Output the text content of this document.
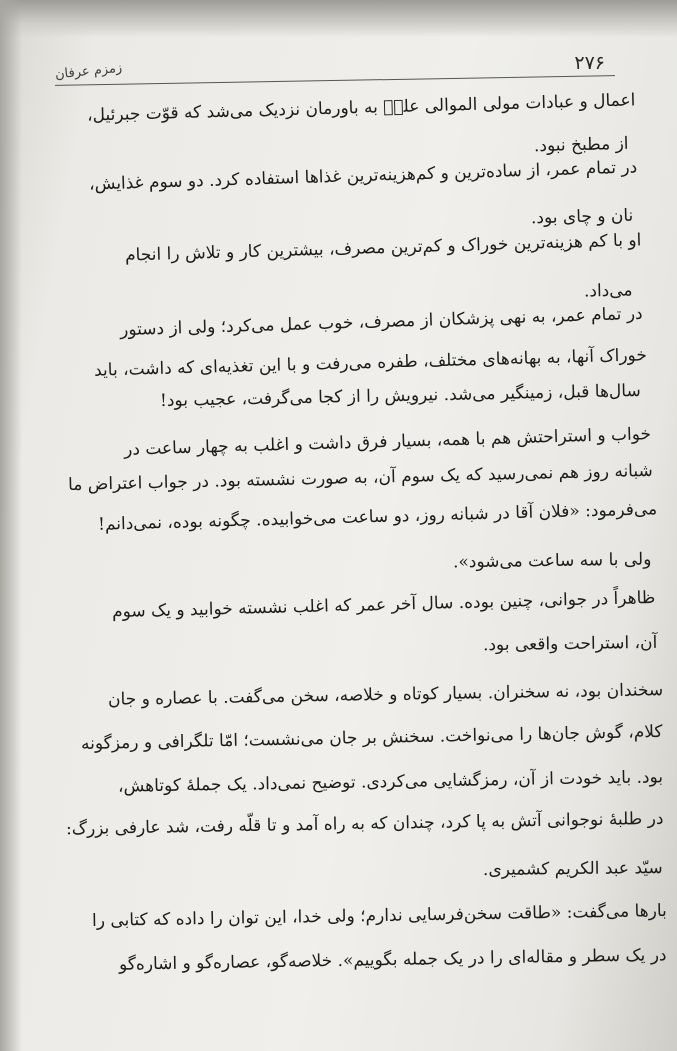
۲۷۶
زمزم عرفان
اعمال و عبادات مولی الموالی علیؑ به باورمان نزدیک می‌شد که قوّت جبرئیل،
از مطبخ نبود.
در تمام عمر، از ساده‌ترین و کم‌هزینه‌ترین غذاها استفاده کرد. دو سوم غذایش،
نان و چای بود.
او با کم هزینه‌ترین خوراک و کم‌ترین مصرف، بیشترین کار و تلاش را انجام
می‌داد.
در تمام عمر، به نهی پزشکان از مصرف، خوب عمل می‌کرد؛ ولی از دستور
خوراک آنها، به بهانه‌های مختلف، طفره می‌رفت و با این تغذیه‌ای که داشت، باید
سال‌ها قبل، زمینگیر می‌شد. نیرویش را از کجا می‌گرفت، عجیب بود!
خواب و استراحتش هم با همه، بسیار فرق داشت و اغلب به چهار ساعت در
شبانه روز هم نمی‌رسید که یک سوم آن، به صورت نشسته بود. در جواب اعتراض ما
می‌فرمود: «فلان آقا در شبانه روز، دو ساعت می‌خوابیده. چگونه بوده، نمی‌دانم!
ولی با سه ساعت می‌شود».
ظاهراً در جوانی، چنین بوده. سال آخر عمر که اغلب نشسته خوابید و یک سوم
آن، استراحت واقعی بود.
سخندان بود، نه سخنران. بسیار کوتاه و خلاصه، سخن می‌گفت. با عصاره و جان
کلام، گوش جان‌ها را می‌نواخت. سخنش بر جان می‌نشست؛ امّا تلگرافی و رمزگونه
بود. باید خودت از آن، رمزگشایی می‌کردی. توضیح نمی‌داد. یک جملهٔ کوتاهش،
در طلبهٔ نوجوانی آتش به پا کرد، چندان که به راه آمد و تا قلّه رفت، شد عارفی بزرگ:
سیّد عبد الکریم کشمیری.
بارها می‌گفت: «طاقت سخن‌فرسایی ندارم؛ ولی خدا، این توان را داده که کتابی را
در یک سطر و مقاله‌ای را در یک جمله بگوییم». خلاصه‌گو، عصاره‌گو و اشاره‌گو
